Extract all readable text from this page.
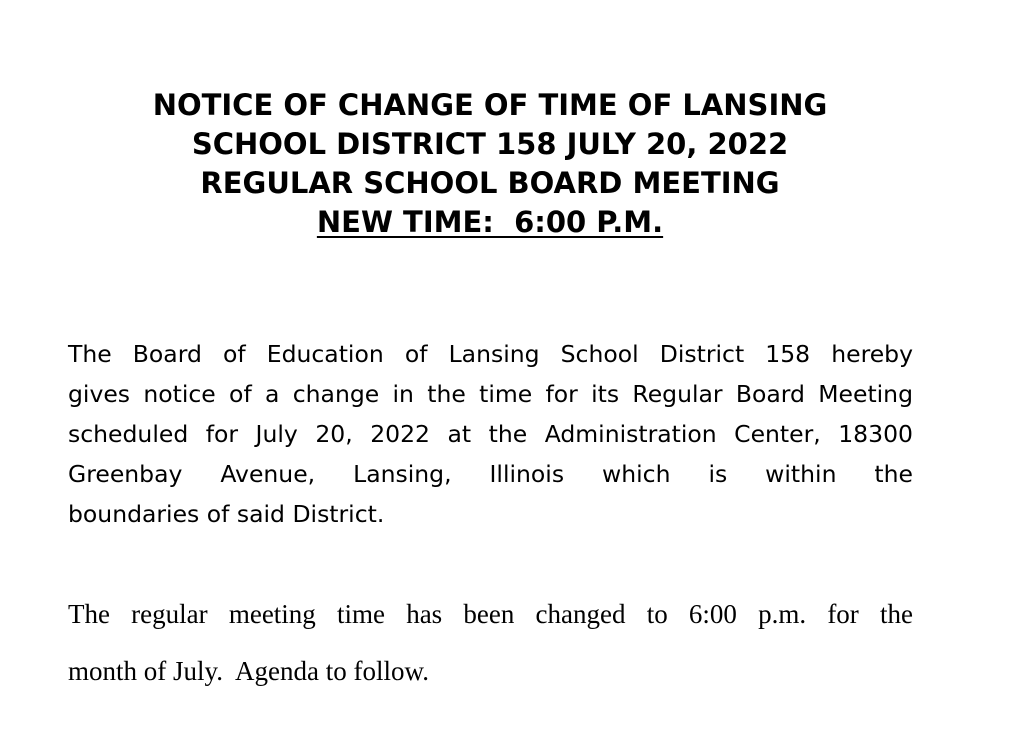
NOTICE OF CHANGE OF TIME OF LANSING
SCHOOL DISTRICT 158 JULY 20, 2022
REGULAR SCHOOL BOARD MEETING
NEW TIME:  6:00 P.M.
The Board of Education of Lansing School District 158 hereby
gives notice of a change in the time for its Regular Board Meeting
scheduled for July 20, 2022 at the Administration Center, 18300
Greenbay Avenue, Lansing, Illinois which is within the
boundaries of said District.
The regular meeting time has been changed to 6:00 p.m. for the
month of July.  Agenda to follow.
